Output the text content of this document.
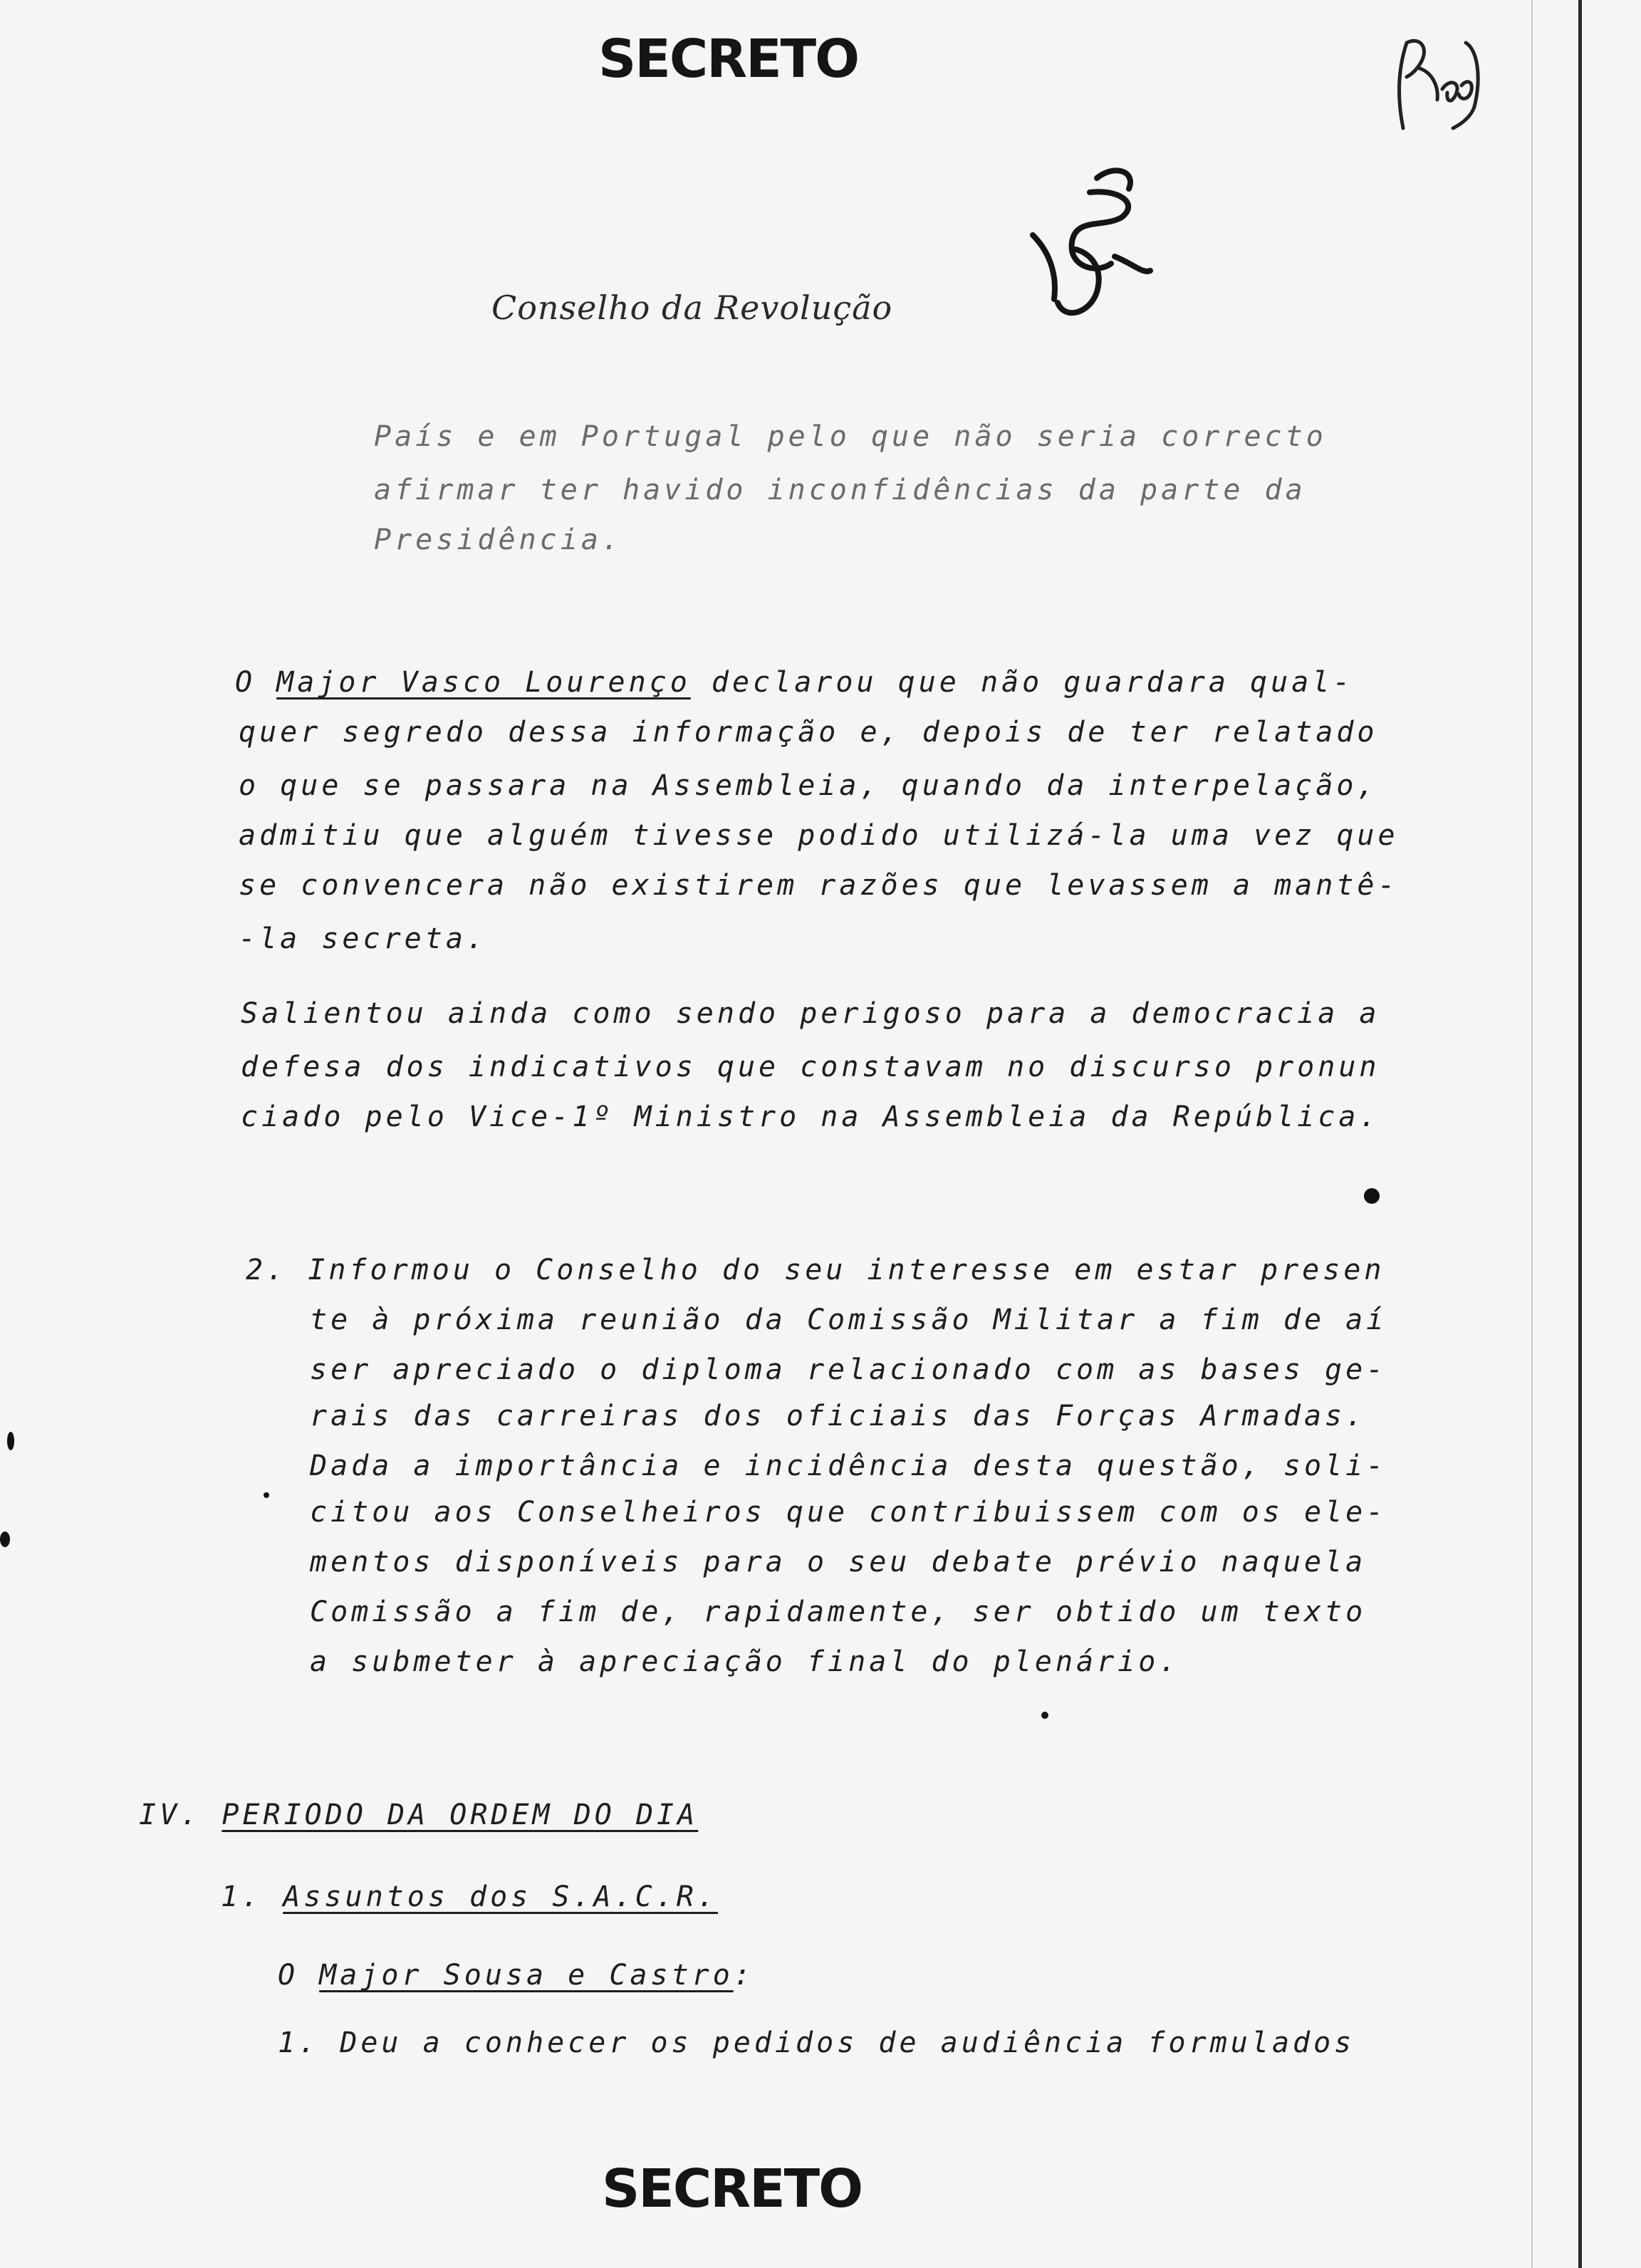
SECRETO
Conselho da Revolução
País e em Portugal pelo que não seria correcto
afirmar ter havido inconfidências da parte da
Presidência.
O Major Vasco Lourenço declarou que não guardara qual-
quer segredo dessa informação e, depois de ter relatado
o que se passara na Assembleia, quando da interpelação,
admitiu que alguém tivesse podido utilizá-la uma vez que
se convencera não existirem razões que levassem a mantê-
-la secreta.
Salientou ainda como sendo perigoso para a democracia a
defesa dos indicativos que constavam no discurso pronun
ciado pelo Vice-1º Ministro na Assembleia da República.
2. Informou o Conselho do seu interesse em estar presen
te à próxima reunião da Comissão Militar a fim de aí
ser apreciado o diploma relacionado com as bases ge-
rais das carreiras dos oficiais das Forças Armadas.
Dada a importância e incidência desta questão, soli-
citou aos Conselheiros que contribuissem com os ele-
mentos disponíveis para o seu debate prévio naquela
Comissão a fim de, rapidamente, ser obtido um texto
a submeter à apreciação final do plenário.
IV. PERIODO DA ORDEM DO DIA
1. Assuntos dos S.A.C.R.
O Major Sousa e Castro:
1. Deu a conhecer os pedidos de audiência formulados
SECRETO
